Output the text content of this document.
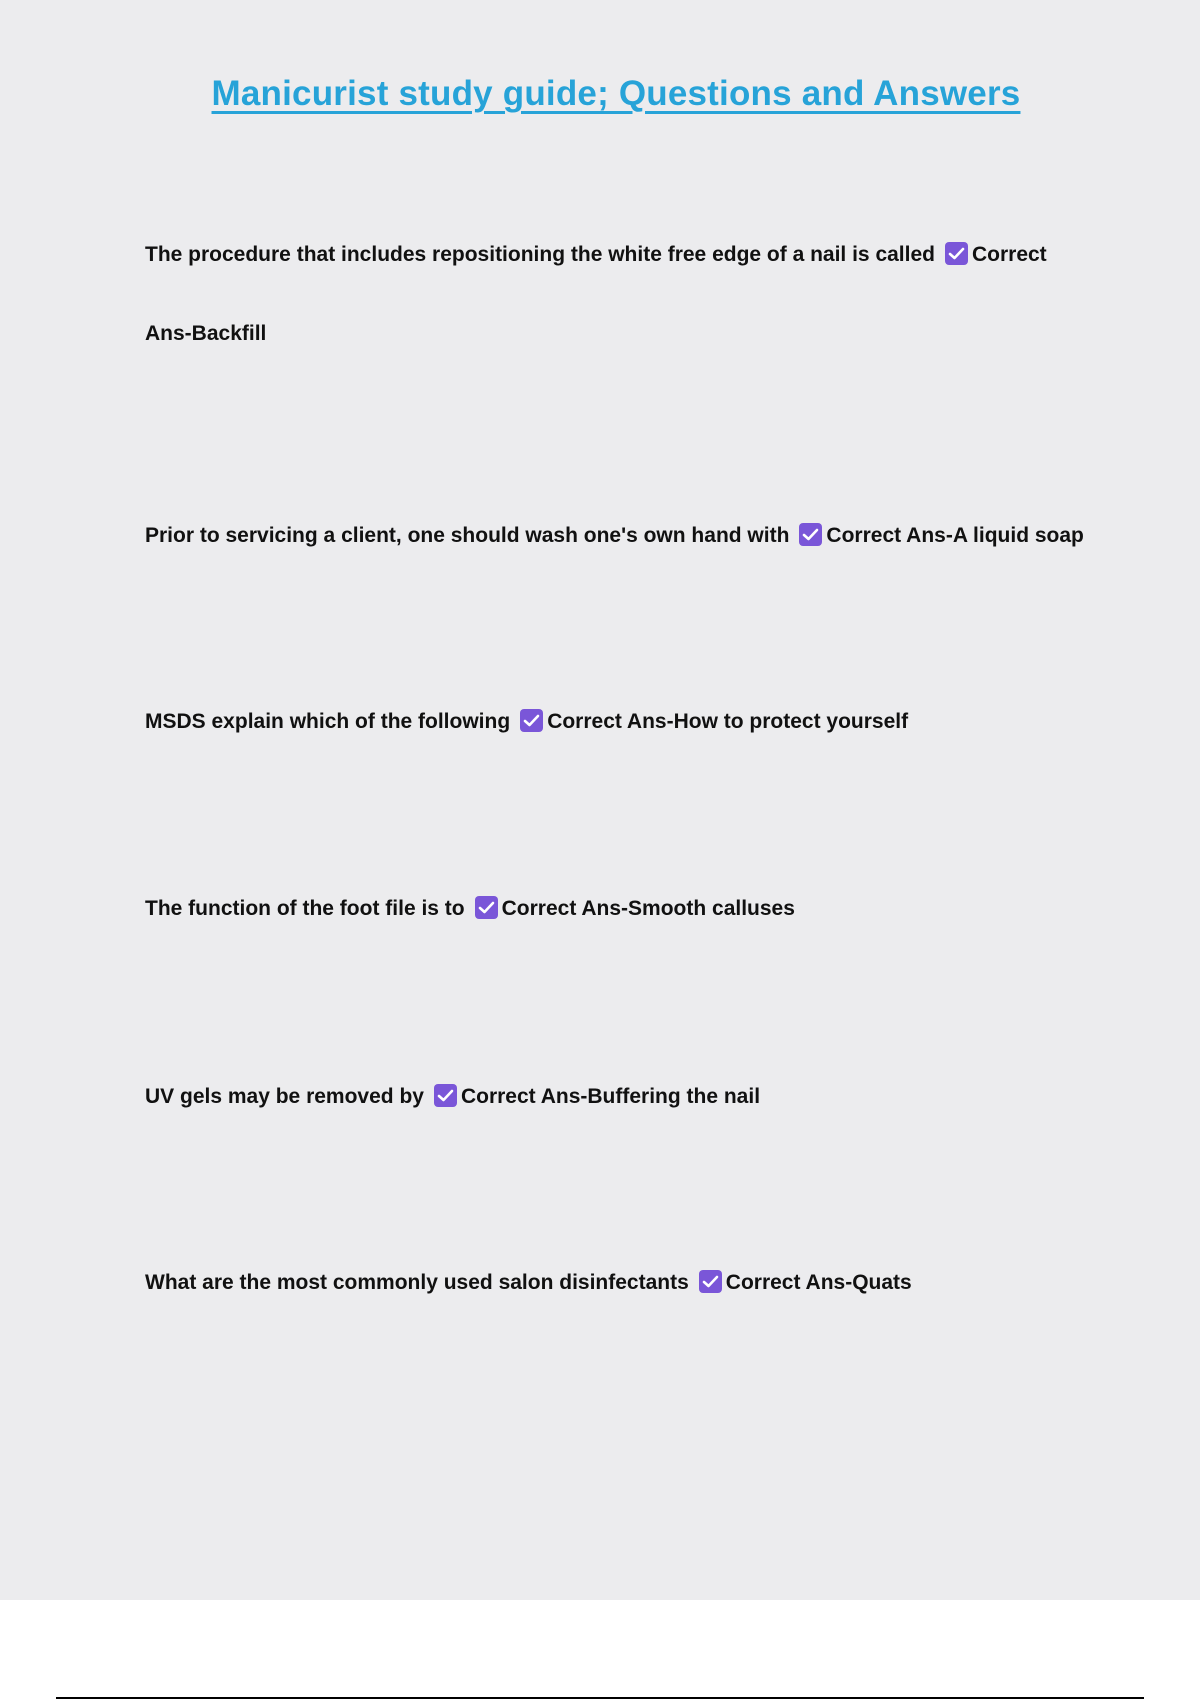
Manicurist study guide; Questions and Answers
The procedure that includes repositioning the white free edge of a nail is called Correct
Ans-Backfill
Prior to servicing a client, one should wash one's own hand with Correct Ans-A liquid soap
MSDS explain which of the following Correct Ans-How to protect yourself
The function of the foot file is to Correct Ans-Smooth calluses
UV gels may be removed by Correct Ans-Buffering the nail
What are the most commonly used salon disinfectants Correct Ans-Quats
